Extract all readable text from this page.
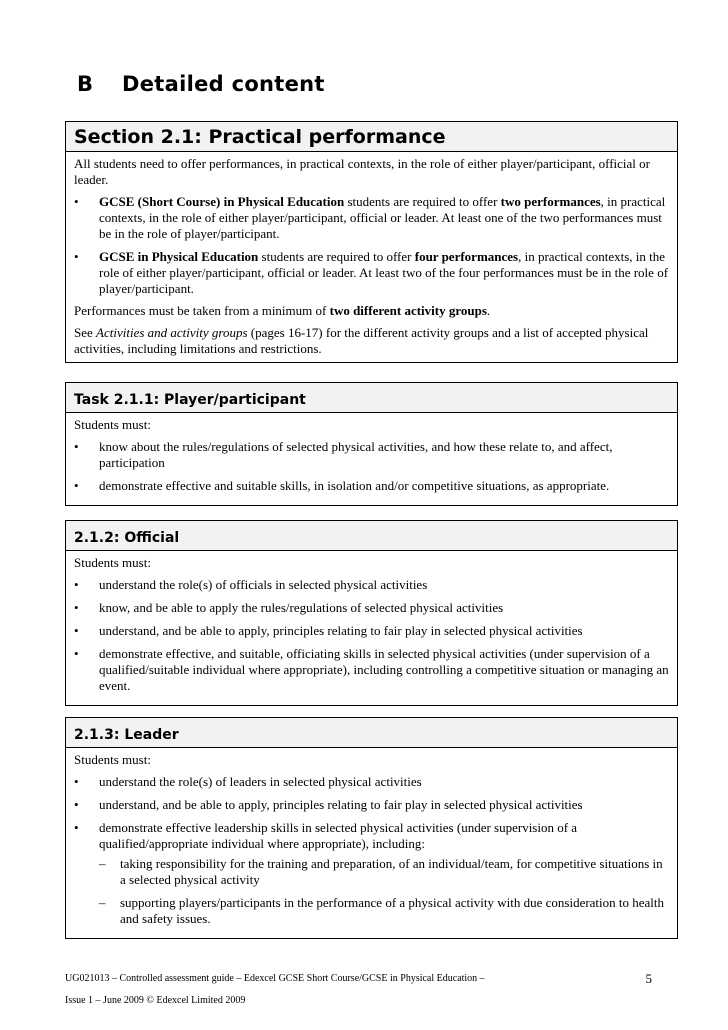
B Detailed content
Section 2.1: Practical performance

All students need to offer performances, in practical contexts, in the role of either player/participant, official or leader.

• GCSE (Short Course) in Physical Education students are required to offer two performances, in practical contexts, in the role of either player/participant, official or leader. At least one of the two performances must be in the role of player/participant.
• GCSE in Physical Education students are required to offer four performances, in practical contexts, in the role of either player/participant, official or leader. At least two of the four performances must be in the role of player/participant.

Performances must be taken from a minimum of two different activity groups.

See Activities and activity groups (pages 16-17) for the different activity groups and a list of accepted physical activities, including limitations and restrictions.

Task 2.1.1: Player/participant

Students must:

• know about the rules/regulations of selected physical activities, and how these relate to, and affect, participation
• demonstrate effective and suitable skills, in isolation and/or competitive situations, as appropriate.
2.1.2: Official

Students must:

• understand the role(s) of officials in selected physical activities
• know, and be able to apply the rules/regulations of selected physical activities
• understand, and be able to apply, principles relating to fair play in selected physical activities
• demonstrate effective, and suitable, officiating skills in selected physical activities (under supervision of a qualified/suitable individual where appropriate), including controlling a competitive situation or managing an event.
2.1.3: Leader

Students must:

• understand the role(s) of leaders in selected physical activities
• understand, and be able to apply, principles relating to fair play in selected physical activities
• demonstrate effective leadership skills in selected physical activities (under supervision of a qualified/appropriate individual where appropriate), including:
– taking responsibility for the training and preparation, of an individual/team, for competitive situations in a selected physical activity
– supporting players/participants in the performance of a physical activity with due consideration to health and safety issues.
UG021013 – Controlled assessment guide – Edexcel GCSE Short Course/GCSE in Physical Education –
Issue 1 – June 2009 © Edexcel Limited 2009
5
